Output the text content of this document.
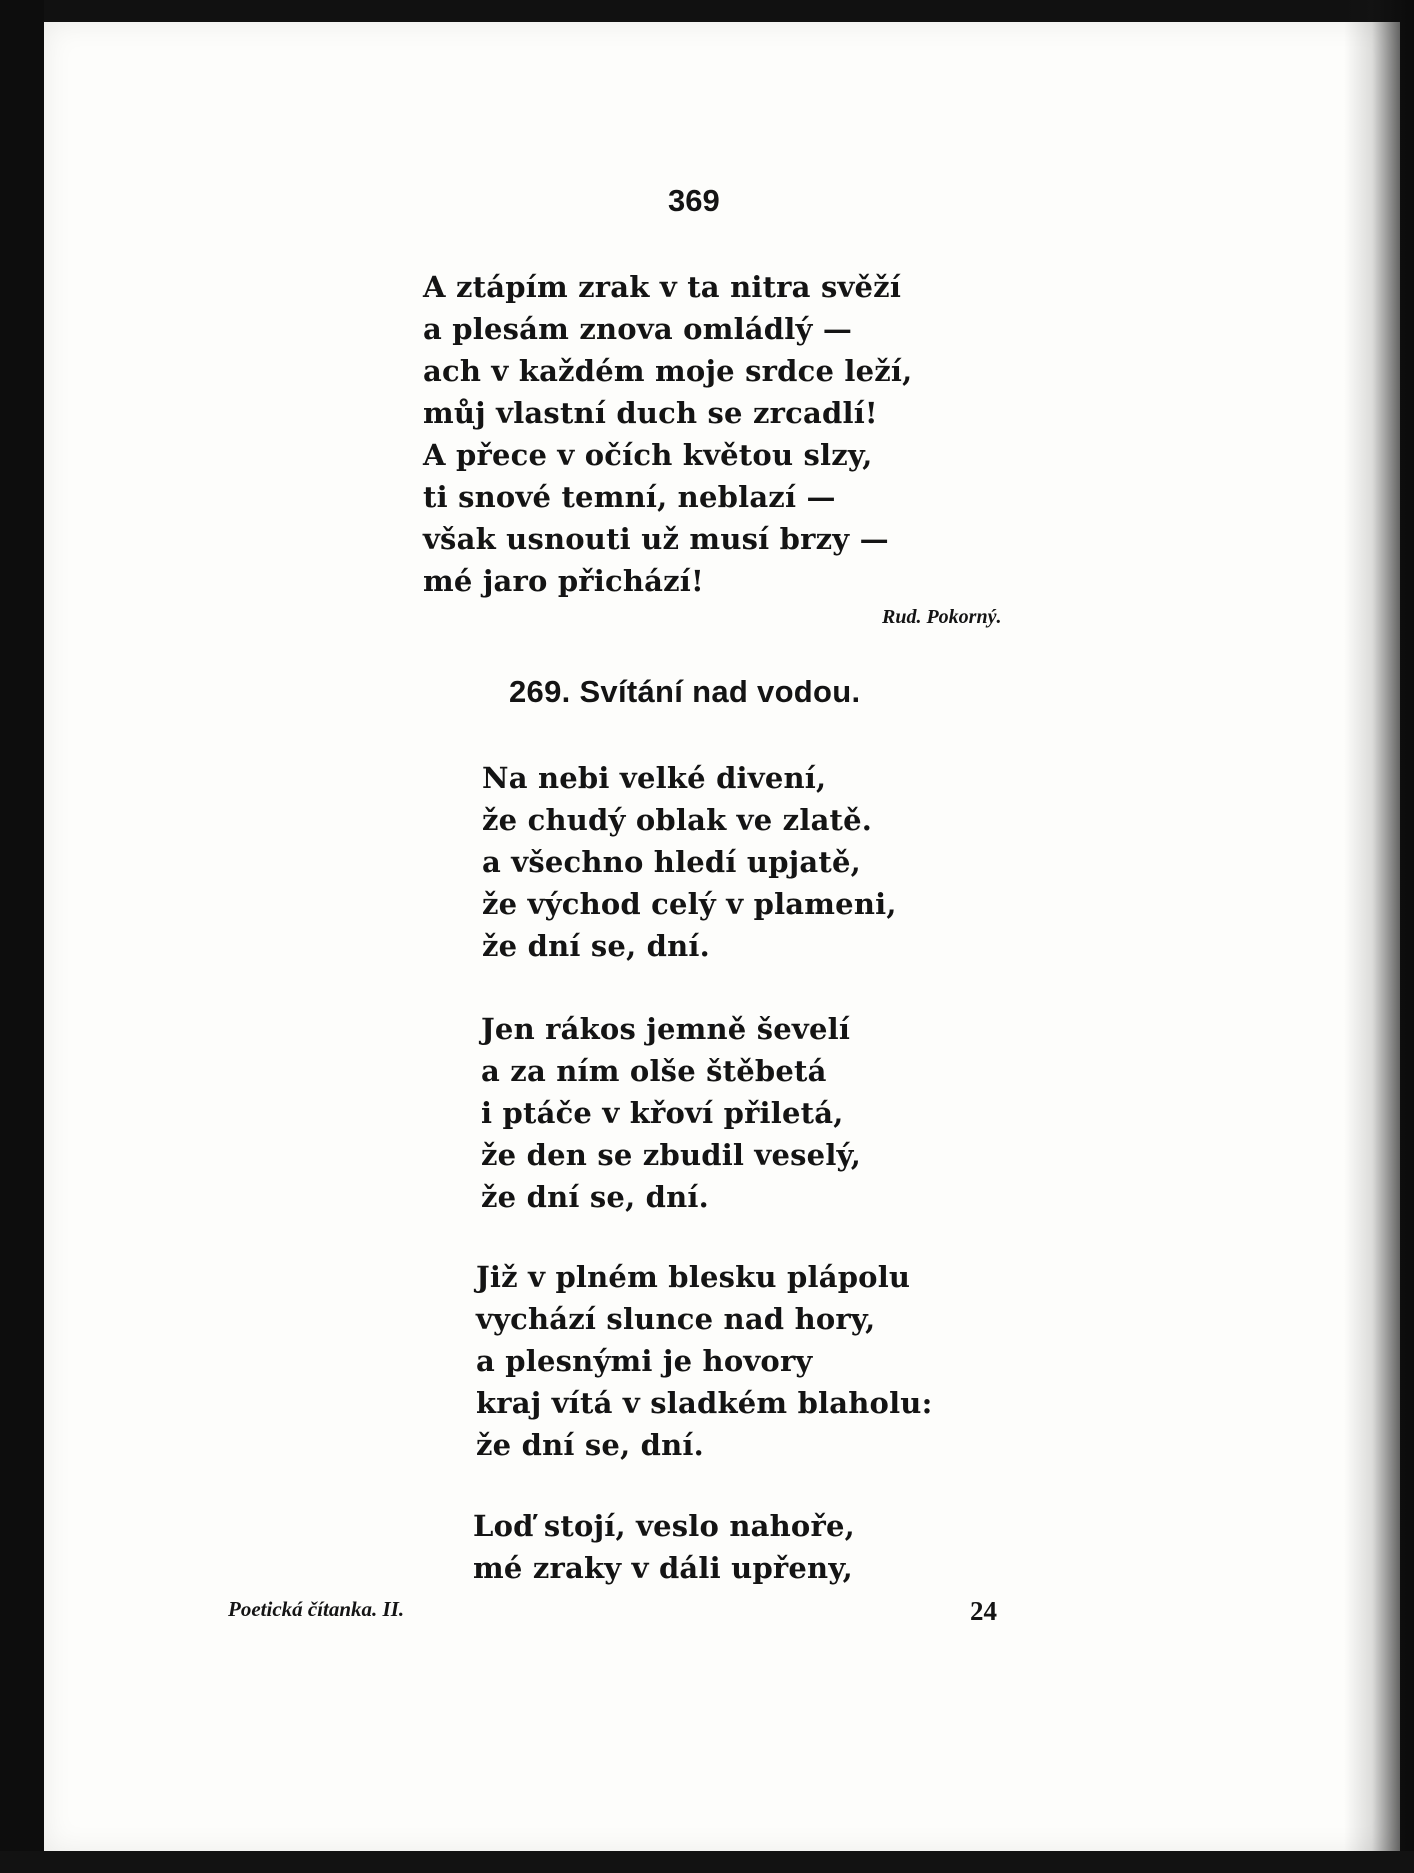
369
A ztápím zrak v ta nitra svěží
a plesám znova omládlý —
ach v každém moje srdce leží,
můj vlastní duch se zrcadlí!
A přece v očích květou slzy,
ti snové temní, neblazí —
však usnouti už musí brzy —
mé jaro přichází!
Rud. Pokorný.
269. Svítání nad vodou.
Na nebi velké divení,
že chudý oblak ve zlatě.
a všechno hledí upjatě,
že východ celý v plameni,
že dní se, dní.
Jen rákos jemně ševelí
a za ním olše štěbetá
i ptáče v křoví přiletá,
že den se zbudil veselý,
že dní se, dní.
Již v plném blesku plápolu
vychází slunce nad hory,
a plesnými je hovory
kraj vítá v sladkém blaholu:
že dní se, dní.
Loď stojí, veslo nahoře,
mé zraky v dáli upřeny,
Poetická čítanka. II.	24
